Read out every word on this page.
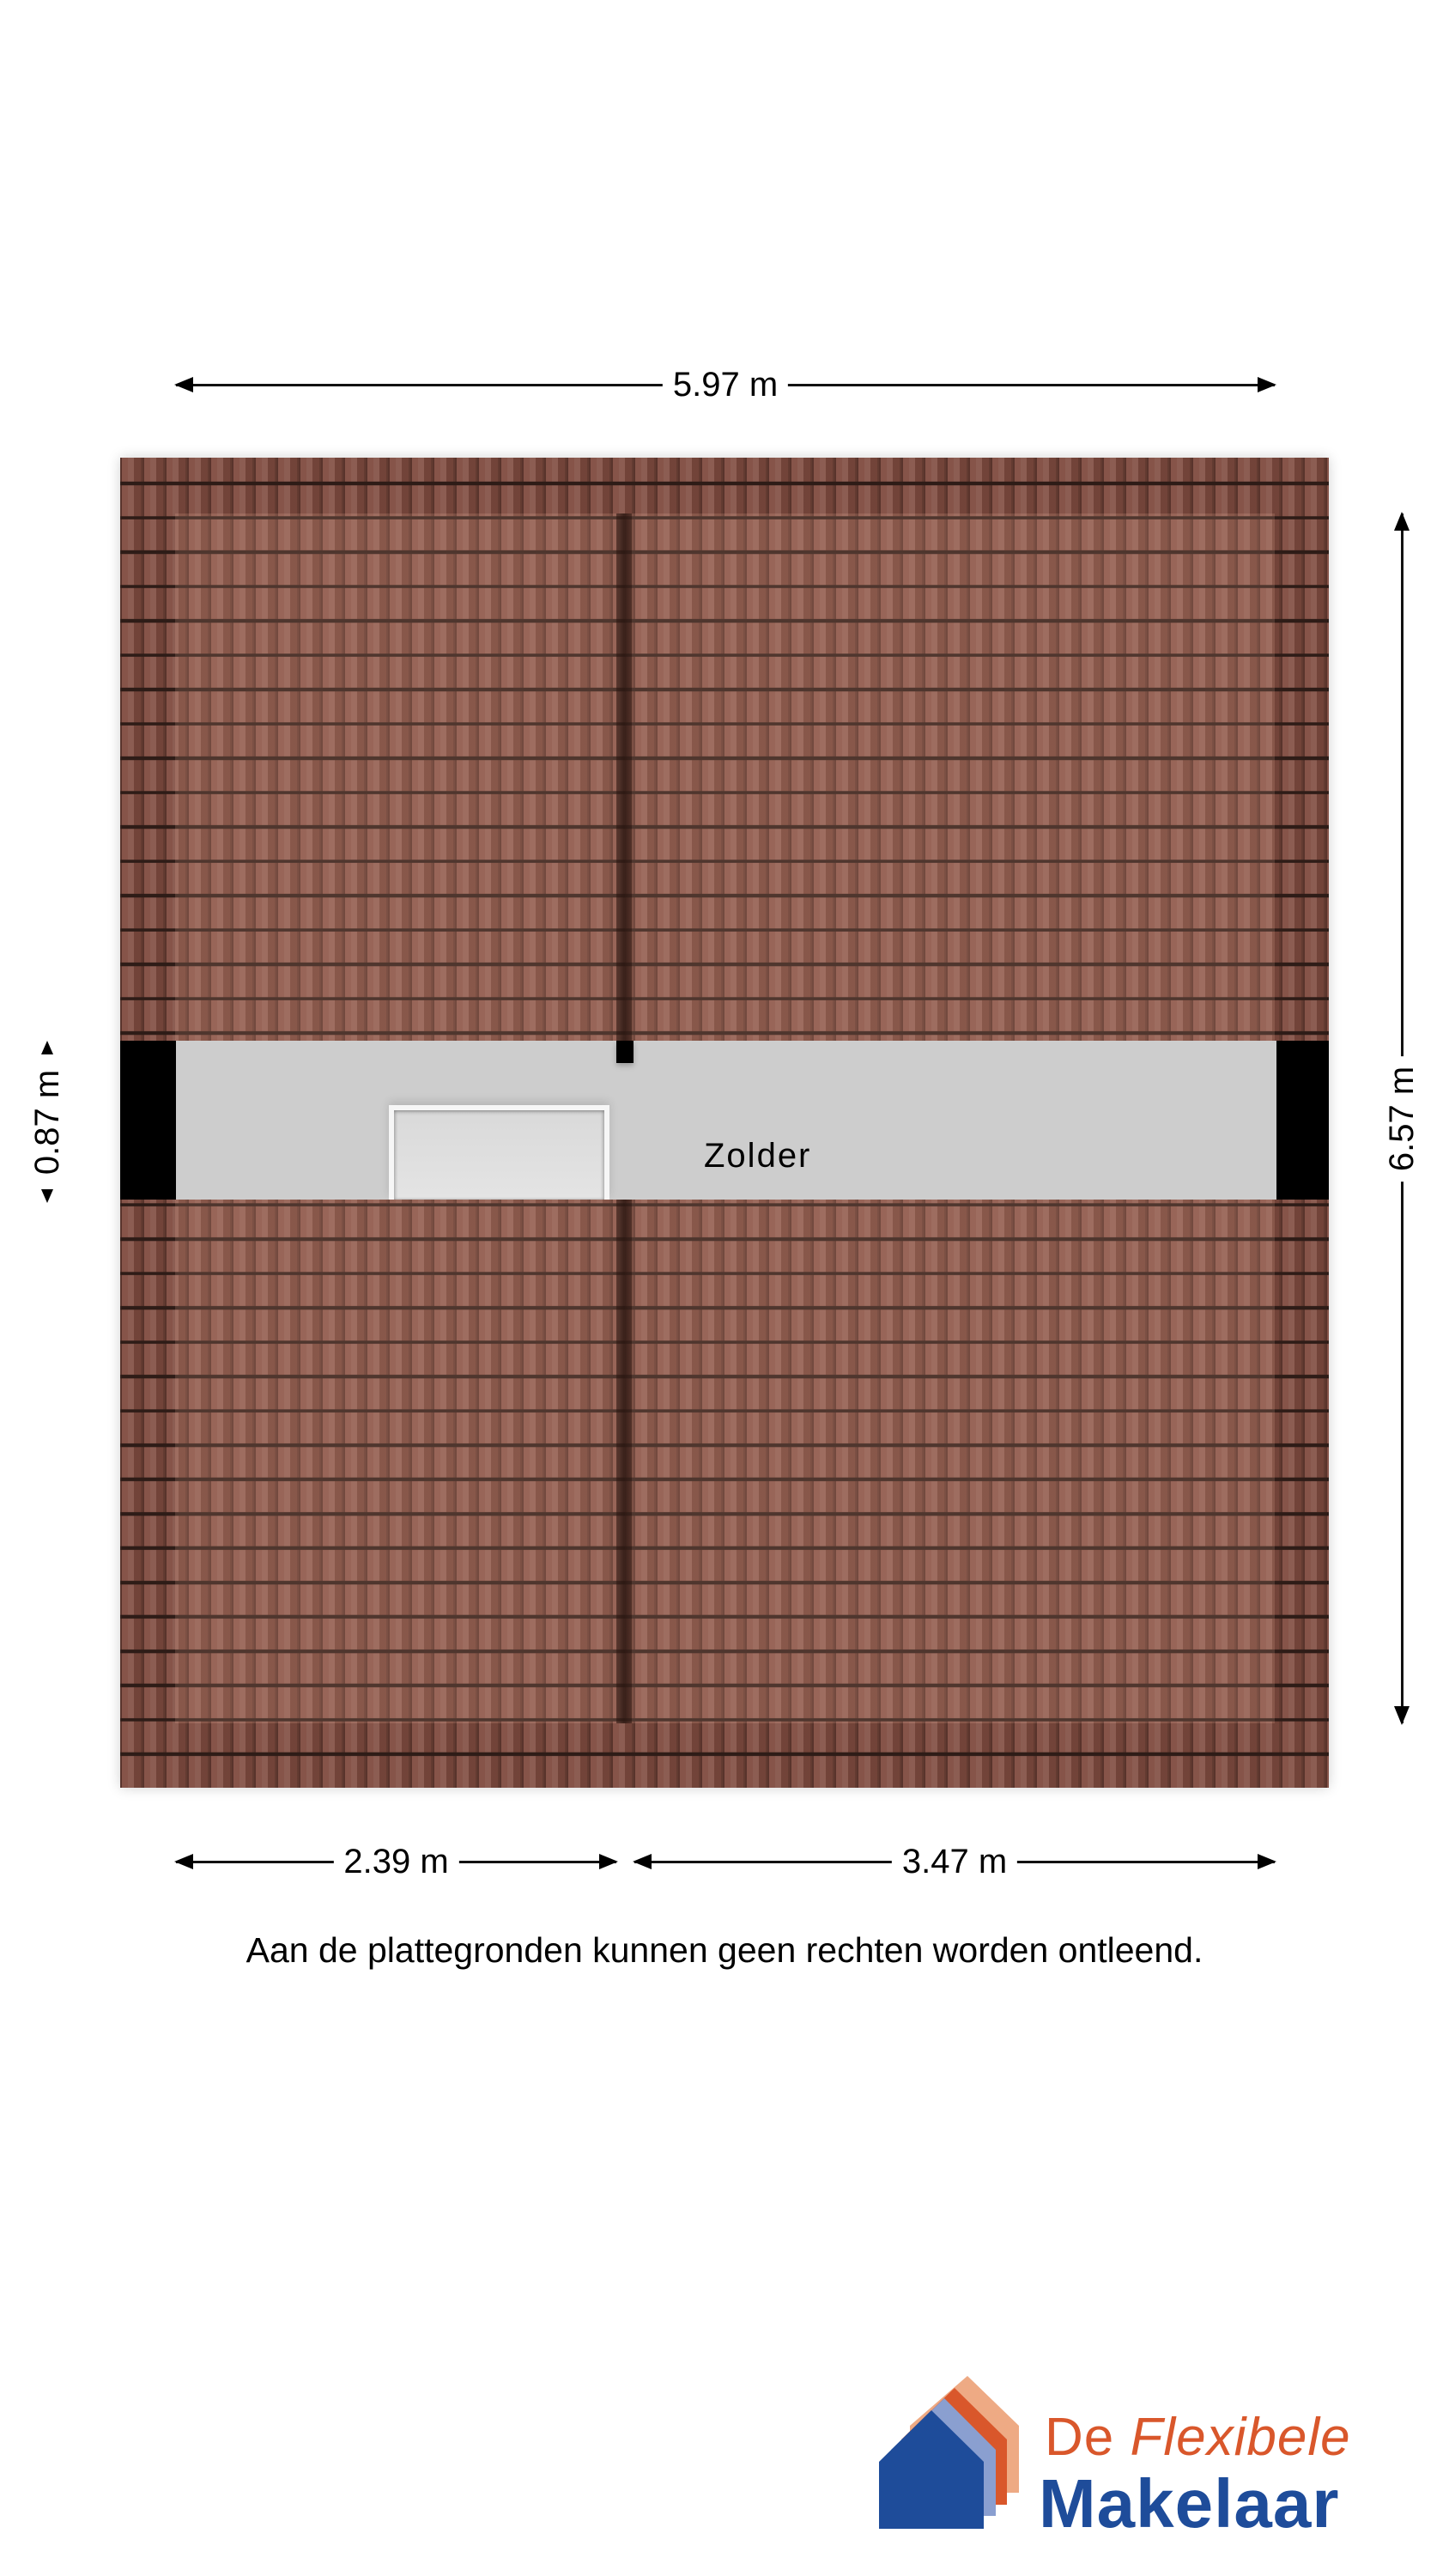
5.97 m
Zolder	6.57 m
0.87 m
2.39 m	3.47 m
Aan de plattegronden kunnen geen rechten worden ontleend.
De Flexibele
Makelaar
